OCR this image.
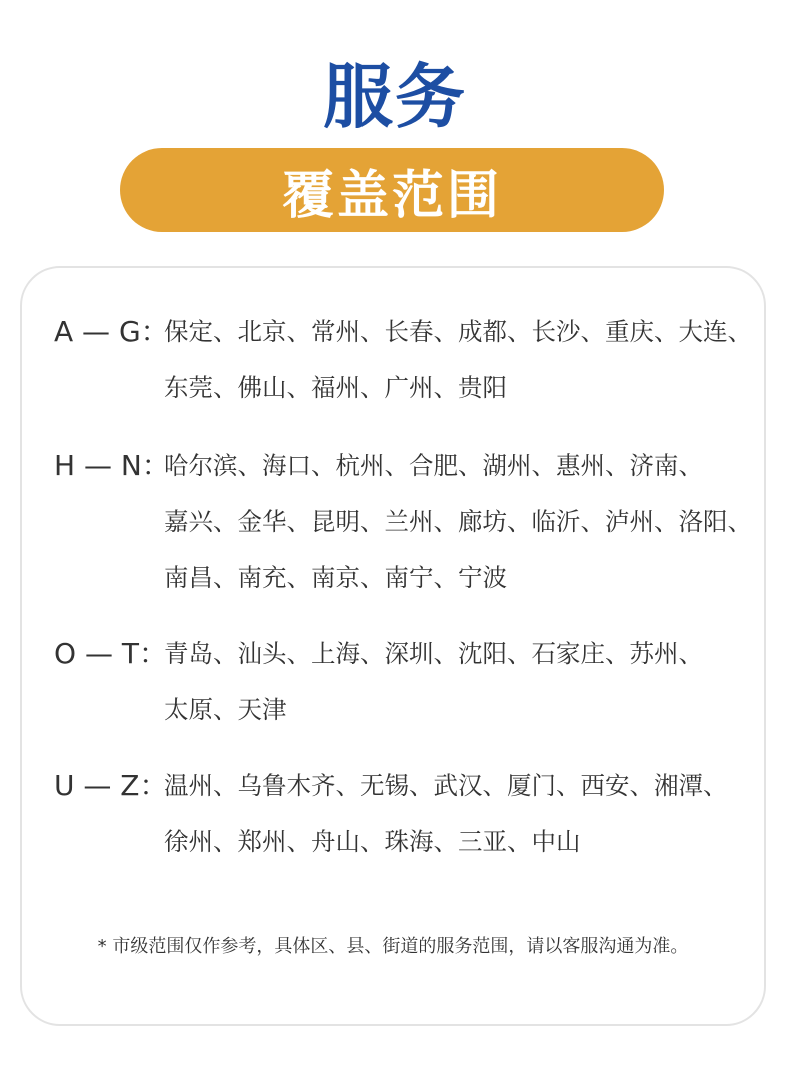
服务
覆盖范围
A — G：
保定、北京、常州、长春、成都、长沙、重庆、大连、
东莞、佛山、福州、广州、贵阳
H — N：
哈尔滨、海口、杭州、合肥、湖州、惠州、济南、
嘉兴、金华、昆明、兰州、廊坊、临沂、泸州、洛阳、
南昌、南充、南京、南宁、宁波
O — T：
青岛、汕头、上海、深圳、沈阳、石家庄、苏州、
太原、天津
U — Z：
温州、乌鲁木齐、无锡、武汉、厦门、西安、湘潭、
徐州、郑州、舟山、珠海、三亚、中山
* 市级范围仅作参考，具体区、县、街道的服务范围，请以客服沟通为准。
